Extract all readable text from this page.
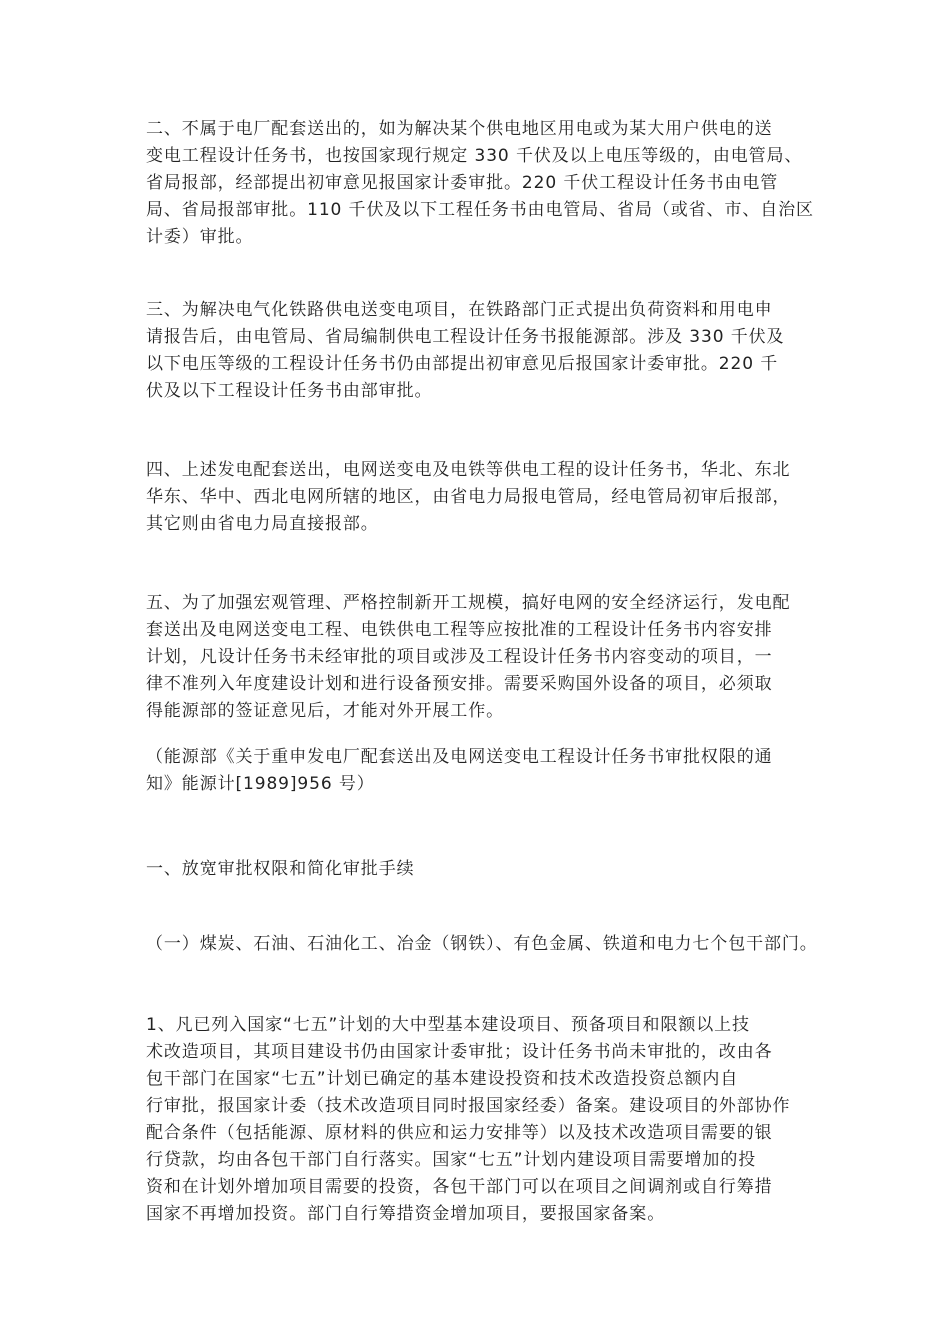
二、不属于电厂配套送出的，如为解决某个供电地区用电或为某大用户供电的送
变电工程设计任务书，也按国家现行规定 330 千伏及以上电压等级的，由电管局、
省局报部，经部提出初审意见报国家计委审批。220 千伏工程设计任务书由电管
局、省局报部审批。110 千伏及以下工程任务书由电管局、省局（或省、市、自治区
计委）审批。
三、为解决电气化铁路供电送变电项目，在铁路部门正式提出负荷资料和用电申
请报告后，由电管局、省局编制供电工程设计任务书报能源部。涉及 330 千伏及
以下电压等级的工程设计任务书仍由部提出初审意见后报国家计委审批。220 千
伏及以下工程设计任务书由部审批。
四、上述发电配套送出，电网送变电及电铁等供电工程的设计任务书，华北、东北
华东、华中、西北电网所辖的地区，由省电力局报电管局，经电管局初审后报部，
其它则由省电力局直接报部。
五、为了加强宏观管理、严格控制新开工规模，搞好电网的安全经济运行，发电配
套送出及电网送变电工程、电铁供电工程等应按批准的工程设计任务书内容安排
计划，凡设计任务书未经审批的项目或涉及工程设计任务书内容变动的项目，一
律不准列入年度建设计划和进行设备预安排。需要采购国外设备的项目，必须取
得能源部的签证意见后，才能对外开展工作。
（能源部《关于重申发电厂配套送出及电网送变电工程设计任务书审批权限的通
知》能源计[1989]956 号）
一、放宽审批权限和简化审批手续
（一）煤炭、石油、石油化工、冶金（钢铁）、有色金属、铁道和电力七个包干部门。
1、凡已列入国家“七五”计划的大中型基本建设项目、预备项目和限额以上技
术改造项目，其项目建设书仍由国家计委审批；设计任务书尚未审批的，改由各
包干部门在国家“七五”计划已确定的基本建设投资和技术改造投资总额内自
行审批，报国家计委（技术改造项目同时报国家经委）备案。建设项目的外部协作
配合条件（包括能源、原材料的供应和运力安排等）以及技术改造项目需要的银
行贷款，均由各包干部门自行落实。国家“七五”计划内建设项目需要增加的投
资和在计划外增加项目需要的投资，各包干部门可以在项目之间调剂或自行筹措
国家不再增加投资。部门自行筹措资金增加项目，要报国家备案。
